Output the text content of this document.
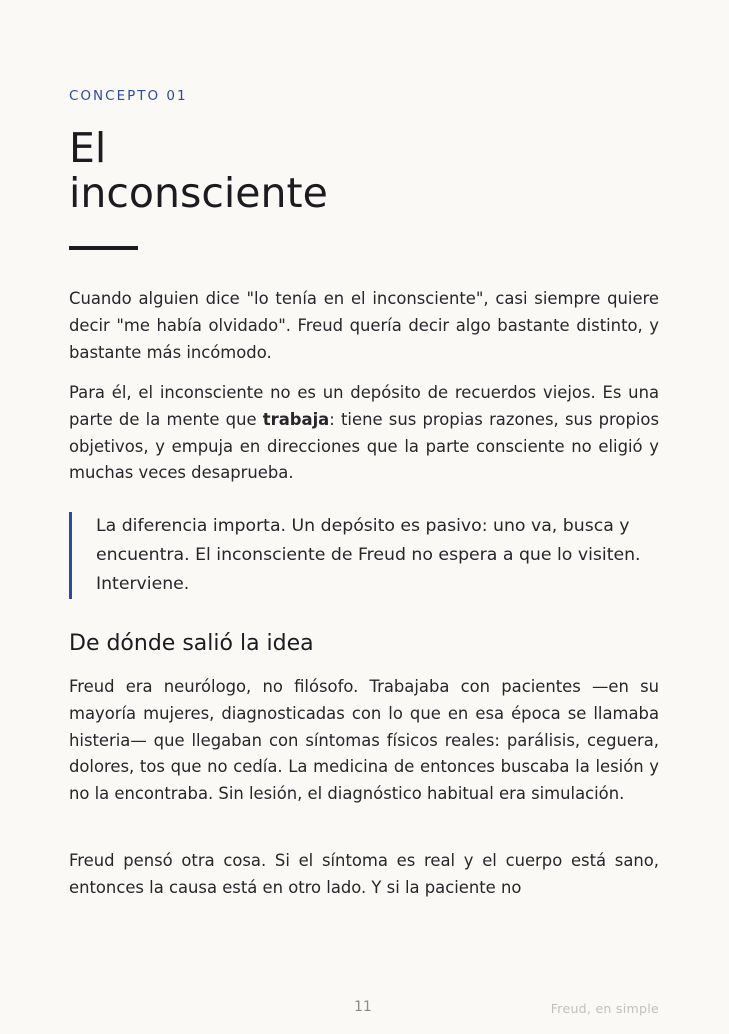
CONCEPTO 01
El
inconsciente

Cuando alguien dice "lo tenía en el inconsciente", casi siempre quiere decir "me había olvidado". Freud quería decir algo bastante distinto, y bastante más incómodo.

Para él, el inconsciente no es un depósito de recuerdos viejos. Es una parte de la mente que trabaja: tiene sus propias razones, sus propios objetivos, y empuja en direcciones que la parte consciente no eligió y muchas veces desaprueba.

La diferencia importa. Un depósito es pasivo: uno va, busca y encuentra. El inconsciente de Freud no espera a que lo visiten. Interviene.

De dónde salió la idea

Freud era neurólogo, no filósofo. Trabajaba con pacientes —en su mayoría mujeres, diagnosticadas con lo que en esa época se llamaba histeria— que llegaban con síntomas físicos reales: parálisis, ceguera, dolores, tos que no cedía. La medicina de entonces buscaba la lesión y no la encontraba. Sin lesión, el diagnóstico habitual era simulación.

Freud pensó otra cosa. Si el síntoma es real y el cuerpo está sano, entonces la causa está en otro lado. Y si la paciente no

11	Freud, en simple
